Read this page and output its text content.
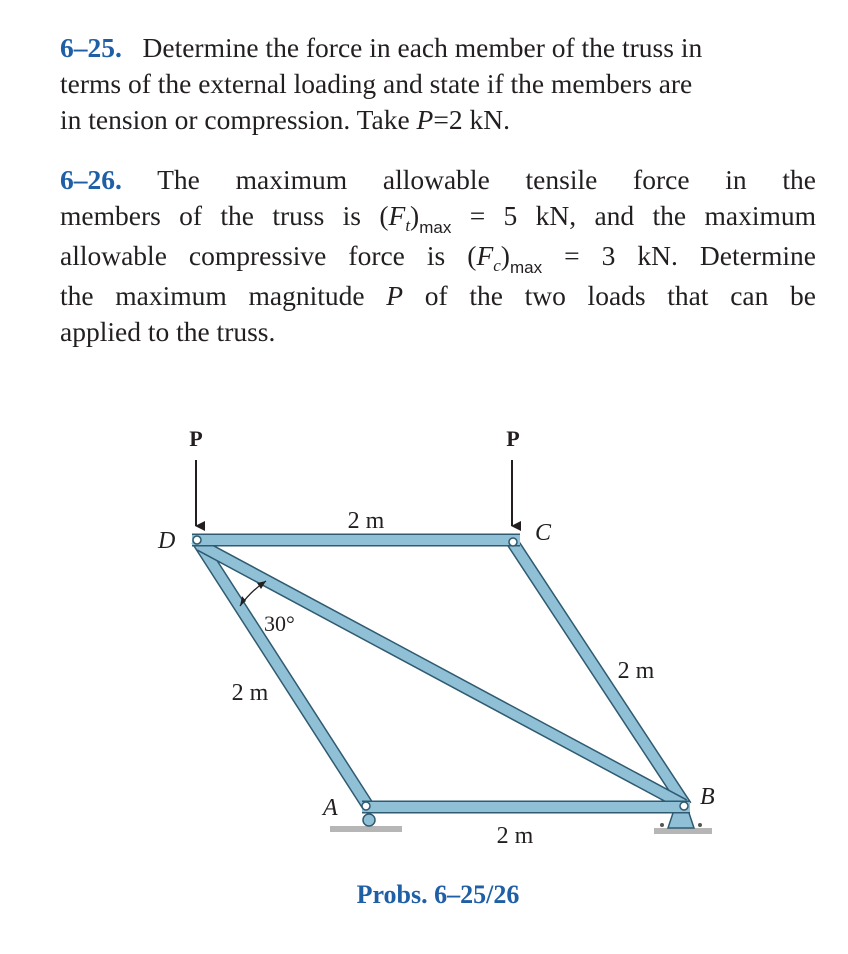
6–25. Determine the force in each member of the truss in
terms of the external loading and state if the members are
in tension or compression. Take P=2 kN.
6–26. The maximum allowable tensile force in the
members of the truss is $(F_t)_{max} = 5$ kN, and the maximum
allowable compressive force is $(F_c)_{max} = 3$ kN. Determine
the maximum magnitude P of the two loads that can be
applied to the truss.
P	P
D	C
A	B
2 m
2 m
2 m
2 m
30°
Probs. 6–25/26
